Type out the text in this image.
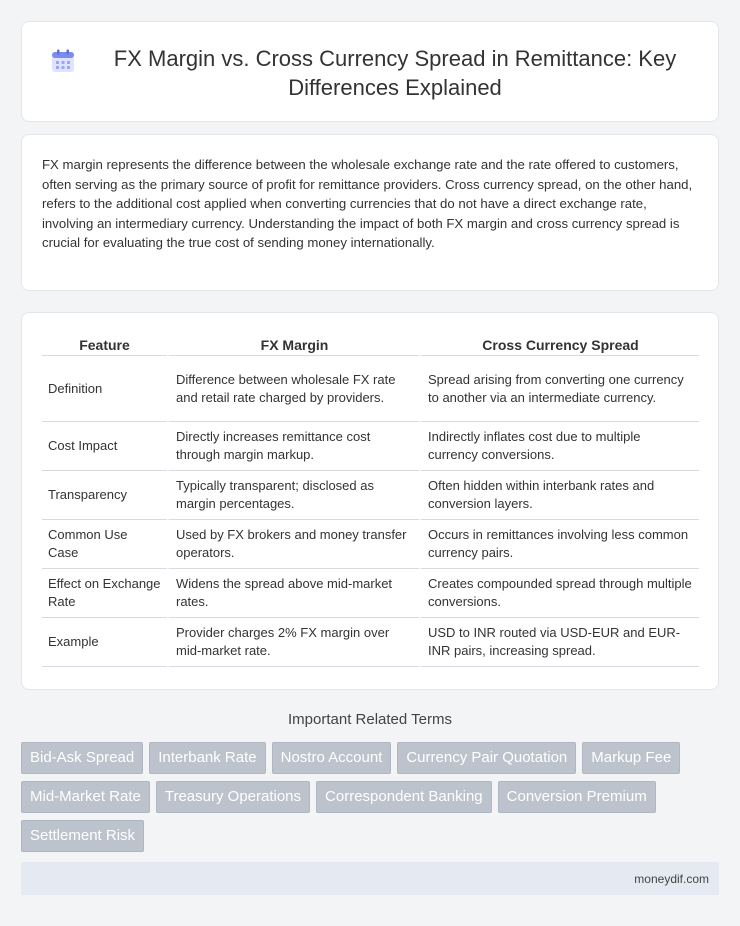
FX Margin vs. Cross Currency Spread in Remittance: Key Differences Explained

FX margin represents the difference between the wholesale exchange rate and the rate offered to customers, often serving as the primary source of profit for remittance providers. Cross currency spread, on the other hand, refers to the additional cost applied when converting currencies that do not have a direct exchange rate, involving an intermediary currency. Understanding the impact of both FX margin and cross currency spread is crucial for evaluating the true cost of sending money internationally.

Feature	FX Margin	Cross Currency Spread
Definition	Difference between wholesale FX rate and retail rate charged by providers.	Spread arising from converting one currency to another via an intermediate currency.
Cost Impact	Directly increases remittance cost through margin markup.	Indirectly inflates cost due to multiple currency conversions.
Transparency	Typically transparent; disclosed as margin percentages.	Often hidden within interbank rates and conversion layers.
Common Use Case	Used by FX brokers and money transfer operators.	Occurs in remittances involving less common currency pairs.
Effect on Exchange Rate	Widens the spread above mid-market rates.	Creates compounded spread through multiple conversions.
Example	Provider charges 2% FX margin over mid-market rate.	USD to INR routed via USD-EUR and EUR-INR pairs, increasing spread.
Important Related Terms
Bid-Ask Spread	Interbank Rate	Nostro Account	Currency Pair Quotation	Markup Fee
Mid-Market Rate	Treasury Operations	Correspondent Banking	Conversion Premium
Settlement Risk
moneydif.com
